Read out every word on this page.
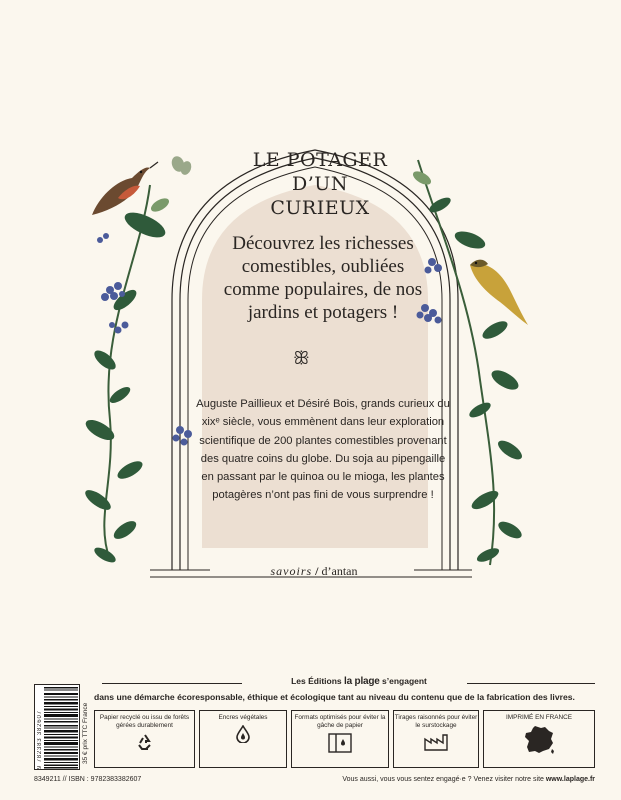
LE POTAGER
D’UN CURIEUX
Découvrez les richesses comestibles, oubliées comme populaires, de nos jardins et potagers !
ꕥ
Auguste Paillieux et Désiré Bois, grands curieux du xixᵉ siècle, vous emmènent dans leur exploration scientifique de 200 plantes comestibles provenant des quatre coins du globe. Du soja au pipengaille en passant par le quinoa ou le mioga, les plantes potagères n’ont pas fini de vous surprendre !
savoirs / d’antan
9 782383 382607	35 € prix TTC France
Les Éditions la plage s’engagent
dans une démarche écoresponsable, éthique et écologique tant au niveau du contenu que de la fabrication des livres.
Papier recyclé ou issu de forêts gérées durablement
Encres végétales	Formats optimisés pour éviter la gâche de papier
Tirages raisonnés pour éviter le surstockage
IMPRIMÉ EN FRANCE
8349211 // ISBN : 9782383382607	Vous aussi, vous vous sentez engagé·e ? Venez visiter notre site www.laplage.fr
